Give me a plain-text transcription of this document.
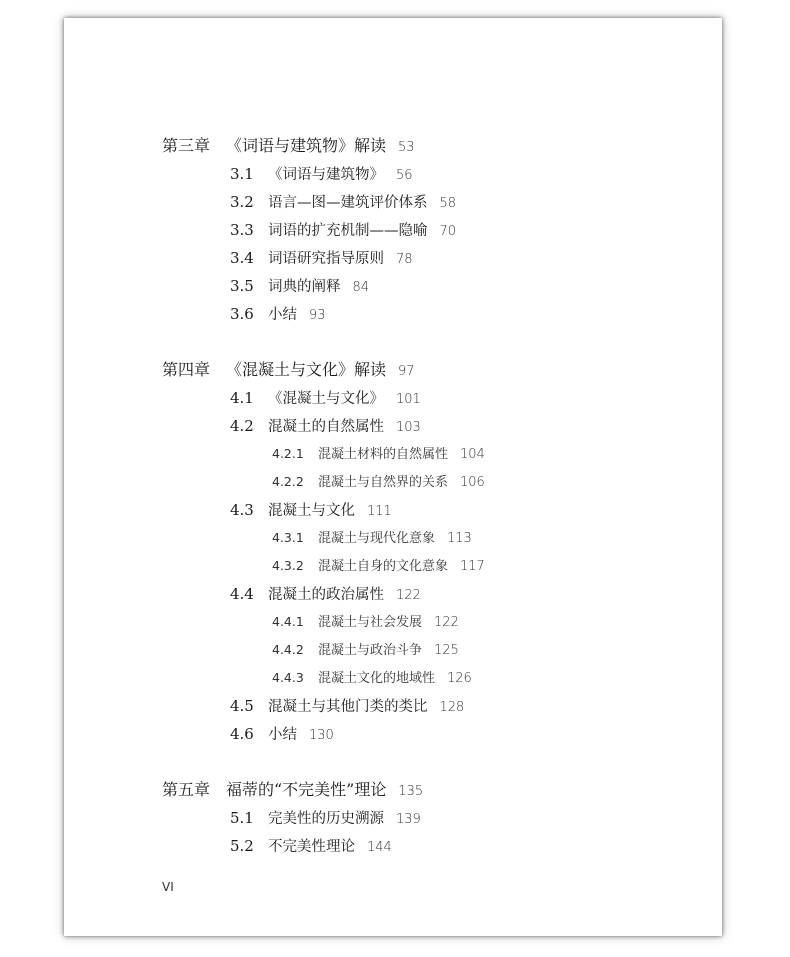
第三章 《词语与建筑物》解读 53
3.1 《词语与建筑物》 56
3.2 语言—图—建筑评价体系 58
3.3 词语的扩充机制——隐喻 70
3.4 词语研究指导原则 78
3.5 词典的阐释 84
3.6 小结 93
第四章 《混凝土与文化》解读 97
4.1 《混凝土与文化》 101
4.2 混凝土的自然属性 103
4.2.1 混凝土材料的自然属性 104
4.2.2 混凝土与自然界的关系 106
4.3 混凝土与文化 111
4.3.1 混凝土与现代化意象 113
4.3.2 混凝土自身的文化意象 117
4.4 混凝土的政治属性 122
4.4.1 混凝土与社会发展 122
4.4.2 混凝土与政治斗争 125
4.4.3 混凝土文化的地域性 126
4.5 混凝土与其他门类的类比 128
4.6 小结 130
第五章 福蒂的“不完美性”理论 135
5.1 完美性的历史溯源 139
5.2 不完美性理论 144
VI
